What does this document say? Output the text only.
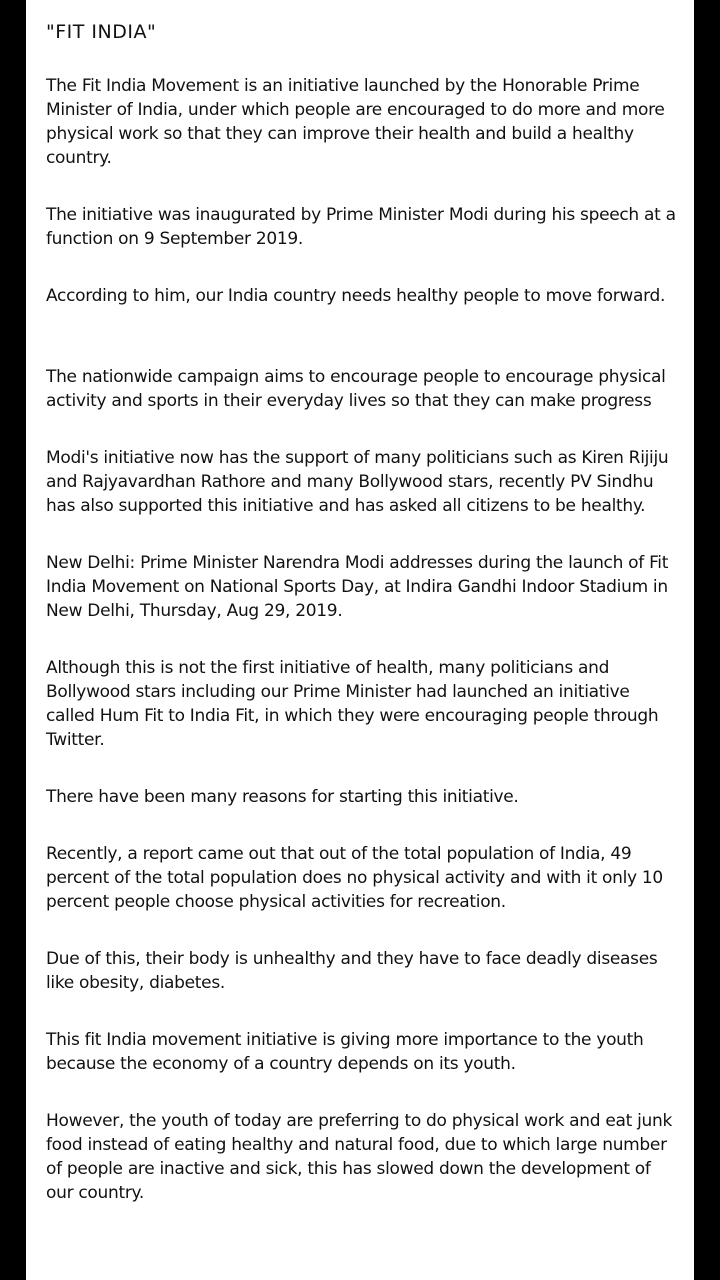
"FIT INDIA"

The Fit India Movement is an initiative launched by the Honorable Prime Minister of India, under which people are encouraged to do more and more physical work so that they can improve their health and build a healthy country.

The initiative was inaugurated by Prime Minister Modi during his speech at a function on 9 September 2019.

According to him, our India country needs healthy people to move forward.

The nationwide campaign aims to encourage people to encourage physical activity and sports in their everyday lives so that they can make progress

Modi's initiative now has the support of many politicians such as Kiren Rijiju and Rajyavardhan Rathore and many Bollywood stars, recently PV Sindhu has also supported this initiative and has asked all citizens to be healthy.

New Delhi: Prime Minister Narendra Modi addresses during the launch of Fit India Movement on National Sports Day, at Indira Gandhi Indoor Stadium in New Delhi, Thursday, Aug 29, 2019.

Although this is not the first initiative of health, many politicians and Bollywood stars including our Prime Minister had launched an initiative called Hum Fit to India Fit, in which they were encouraging people through Twitter.

There have been many reasons for starting this initiative.

Recently, a report came out that out of the total population of India, 49 percent of the total population does no physical activity and with it only 10 percent people choose physical activities for recreation.

Due of this, their body is unhealthy and they have to face deadly diseases like obesity, diabetes.

This fit India movement initiative is giving more importance to the youth because the economy of a country depends on its youth.

However, the youth of today are preferring to do physical work and eat junk food instead of eating healthy and natural food, due to which large number of people are inactive and sick, this has slowed down the development of our country.
